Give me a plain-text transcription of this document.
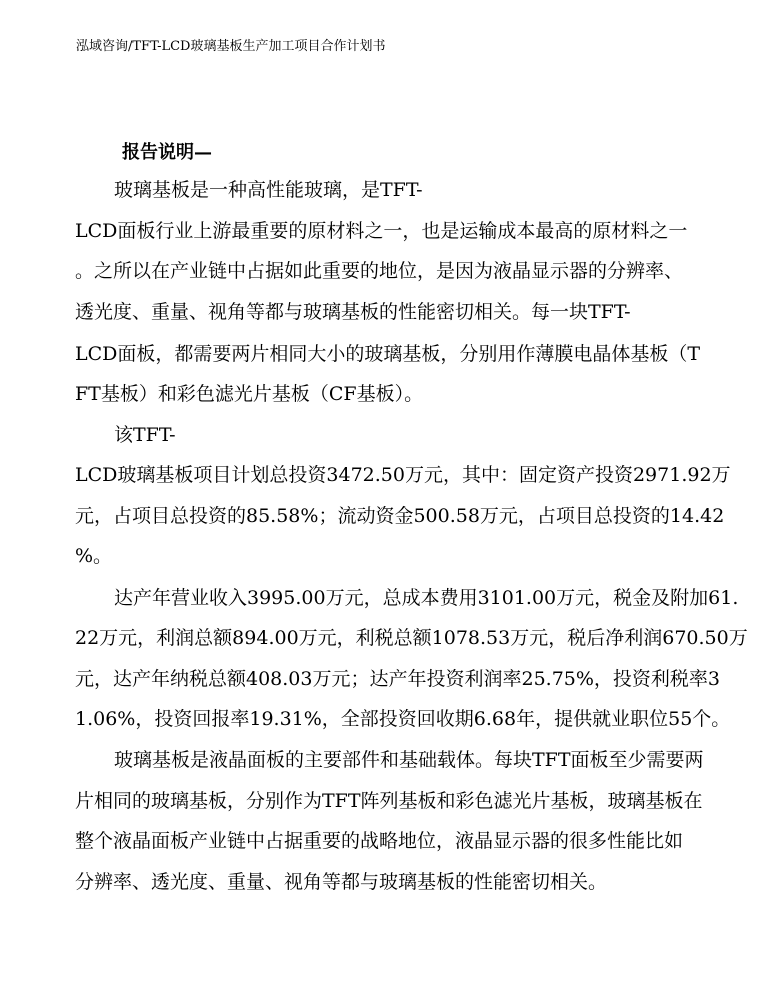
泓域咨询/TFT-LCD玻璃基板生产加工项目合作计划书
报告说明—
玻璃基板是一种高性能玻璃，是TFT-
LCD面板行业上游最重要的原材料之一，也是运输成本最高的原材料之一
。之所以在产业链中占据如此重要的地位，是因为液晶显示器的分辨率、
透光度、重量、视角等都与玻璃基板的性能密切相关。每一块TFT-
LCD面板，都需要两片相同大小的玻璃基板，分别用作薄膜电晶体基板（T
FT基板）和彩色滤光片基板（CF基板）。
该TFT-
LCD玻璃基板项目计划总投资3472.50万元，其中：固定资产投资2971.92万
元，占项目总投资的85.58%；流动资金500.58万元，占项目总投资的14.42
%。
达产年营业收入3995.00万元，总成本费用3101.00万元，税金及附加61.
22万元，利润总额894.00万元，利税总额1078.53万元，税后净利润670.50万
元，达产年纳税总额408.03万元；达产年投资利润率25.75%，投资利税率3
1.06%，投资回报率19.31%，全部投资回收期6.68年，提供就业职位55个。
玻璃基板是液晶面板的主要部件和基础载体。每块TFT面板至少需要两
片相同的玻璃基板，分别作为TFT阵列基板和彩色滤光片基板，玻璃基板在
整个液晶面板产业链中占据重要的战略地位，液晶显示器的很多性能比如
分辨率、透光度、重量、视角等都与玻璃基板的性能密切相关。
